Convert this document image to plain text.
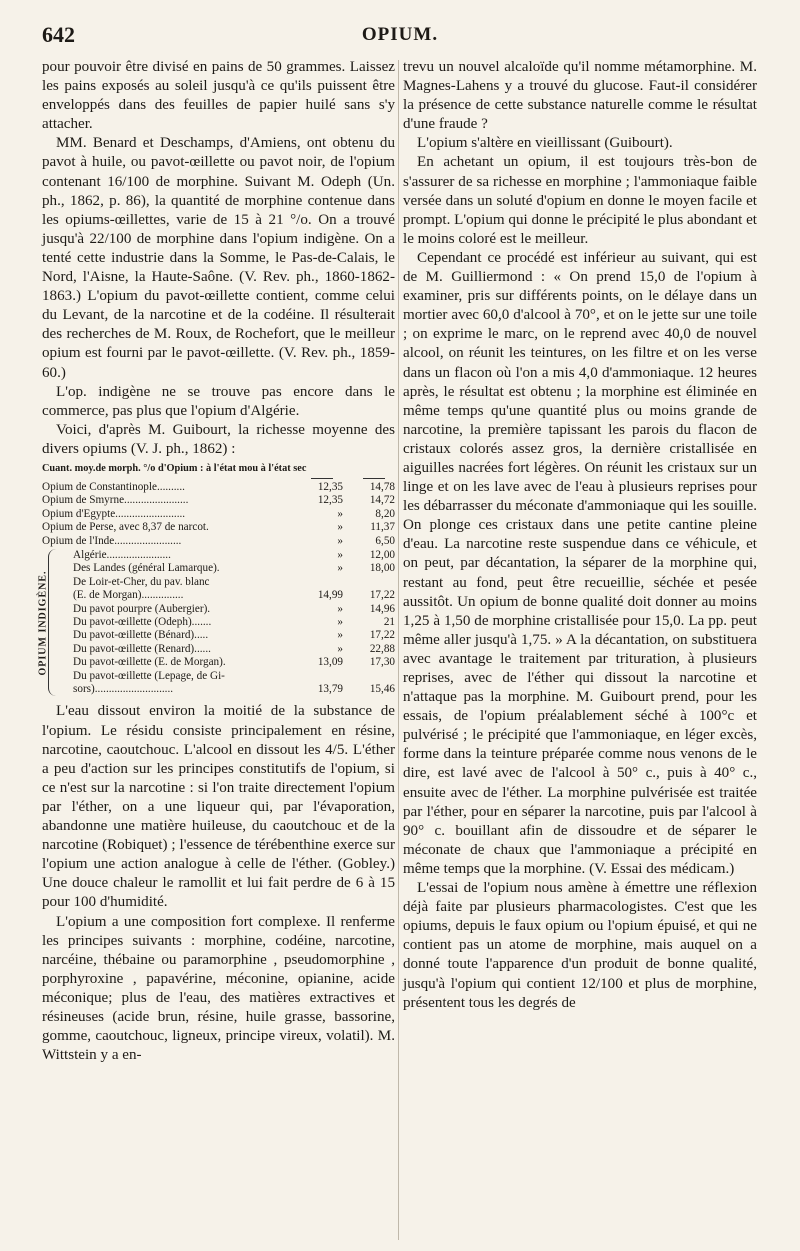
642	OPIUM.

pour pouvoir être divisé en pains de 50 grammes. Laissez les pains exposés au soleil jusqu'à ce qu'ils puissent être enveloppés dans des feuilles de papier huilé sans s'y attacher.

MM. Benard et Deschamps, d'Amiens, ont obtenu du pavot à huile, ou pavot-œillette ou pavot noir, de l'opium contenant 16/100 de morphine. Suivant M. Odeph (Un. ph., 1862, p. 86), la quantité de morphine contenue dans les opiums-œillettes, varie de 15 à 21 °/o. On a trouvé jusqu'à 22/100 de morphine dans l'opium indigène. On a tenté cette industrie dans la Somme, le Pas-de-Calais, le Nord, l'Aisne, la Haute-Saône. (V. Rev. ph., 1860-1862-1863.) L'opium du pavot-œillette contient, comme celui du Levant, de la narcotine et de la codéine. Il résulterait des recherches de M. Roux, de Rochefort, que le meilleur opium est fourni par le pavot-œillette. (V. Rev. ph., 1859-60.)

L'op. indigène ne se trouve pas encore dans le commerce, pas plus que l'opium d'Algérie.

Voici, d'après M. Guibourt, la richesse moyenne des divers opiums (V. J. ph., 1862) :

Cuant. moy.de morph. °/o d'Opium : à l'état mou à l'état sec
Opium de Constantinople..........	12,35	14,78
Opium de Smyrne.......................	12,35	14,72
Opium d'Egypte.........................	»	8,20
Opium de Perse, avec 8,37 de narcot.	»	11,37
Opium de l'Inde........................	»	6,50
OPIUM INDIGÈNE.
Algérie.......................	»	12,00
Des Landes (général Lamarque).	»	18,00
De Loir-et-Cher, du pav. blanc
(E. de Morgan)...............	14,99	17,22
Du pavot pourpre (Aubergier).	»	14,96
Du pavot-œillette (Odeph).......	»	21
Du pavot-œillette (Bénard).....	»	17,22
Du pavot-œillette (Renard)......	»	22,88
Du pavot-œillette (E. de Morgan).	13,09	17,30
Du pavot-œillette (Lepage, de Gi-
sors)............................	13,79	15,46

L'eau dissout environ la moitié de la substance de l'opium. Le résidu consiste principalement en résine, narcotine, caoutchouc. L'alcool en dissout les 4/5. L'éther a peu d'action sur les principes constitutifs de l'opium, si ce n'est sur la narcotine : si l'on traite directement l'opium par l'éther, on a une liqueur qui, par l'évaporation, abandonne une matière huileuse, du caoutchouc et de la narcotine (Robiquet) ; l'essence de térébenthine exerce sur l'opium une action analogue à celle de l'éther. (Gobley.) Une douce chaleur le ramollit et lui fait perdre de 6 à 15 pour 100 d'humidité.

L'opium a une composition fort complexe. Il renferme les principes suivants : morphine, codéine, narcotine, narcéine, thébaine ou paramorphine , pseudomorphine , porphyroxine , papavérine, méconine, opianine, acide méconique; plus de l'eau, des matières extractives et résineuses (acide brun, résine, huile grasse, bassorine, gomme, caoutchouc, ligneux, principe vireux, volatil). M. Wittstein y a en-

trevu un nouvel alcaloïde qu'il nomme métamorphine. M. Magnes-Lahens y a trouvé du glucose. Faut-il considérer la présence de cette substance naturelle comme le résultat d'une fraude ?

L'opium s'altère en vieillissant (Guibourt).

En achetant un opium, il est toujours très-bon de s'assurer de sa richesse en morphine ; l'ammoniaque faible versée dans un soluté d'opium en donne le moyen facile et prompt. L'opium qui donne le précipité le plus abondant et le moins coloré est le meilleur.

Cependant ce procédé est inférieur au suivant, qui est de M. Guilliermond : « On prend 15,0 de l'opium à examiner, pris sur différents points, on le délaye dans un mortier avec 60,0 d'alcool à 70°, et on le jette sur une toile ; on exprime le marc, on le reprend avec 40,0 de nouvel alcool, on réunit les teintures, on les filtre et on les verse dans un flacon où l'on a mis 4,0 d'ammoniaque. 12 heures après, le résultat est obtenu ; la morphine est éliminée en même temps qu'une quantité plus ou moins grande de narcotine, la première tapissant les parois du flacon de cristaux colorés assez gros, la dernière cristallisée en aiguilles nacrées fort légères. On réunit les cristaux sur un linge et on les lave avec de l'eau à plusieurs reprises pour les débarrasser du méconate d'ammoniaque qui les souille. On plonge ces cristaux dans une petite cantine pleine d'eau. La narcotine reste suspendue dans ce véhicule, et on peut, par décantation, la séparer de la morphine qui, restant au fond, peut être recueillie, séchée et pesée aussitôt. Un opium de bonne qualité doit donner au moins 1,25 à 1,50 de morphine cristallisée pour 15,0. La pp. peut même aller jusqu'à 1,75. » A la décantation, on substituera avec avantage le traitement par trituration, à plusieurs reprises, avec de l'éther qui dissout la narcotine et n'attaque pas la morphine. M. Guibourt prend, pour les essais, de l'opium préalablement séché à 100°c et pulvérisé ; le précipité que l'ammoniaque, en léger excès, forme dans la teinture préparée comme nous venons de le dire, est lavé avec de l'alcool à 50° c., puis à 40° c., ensuite avec de l'éther. La morphine pulvérisée est traitée par l'éther, pour en séparer la narcotine, puis par l'alcool à 90° c. bouillant afin de dissoudre et de séparer le méconate de chaux que l'ammoniaque a précipité en même temps que la morphine. (V. Essai des médicam.)

L'essai de l'opium nous amène à émettre une réflexion déjà faite par plusieurs pharmacologistes. C'est que les opiums, depuis le faux opium ou l'opium épuisé, et qui ne contient pas un atome de morphine, mais auquel on a donné toute l'apparence d'un produit de bonne qualité, jusqu'à l'opium qui contient 12/100 et plus de morphine, présentent tous les degrés de
